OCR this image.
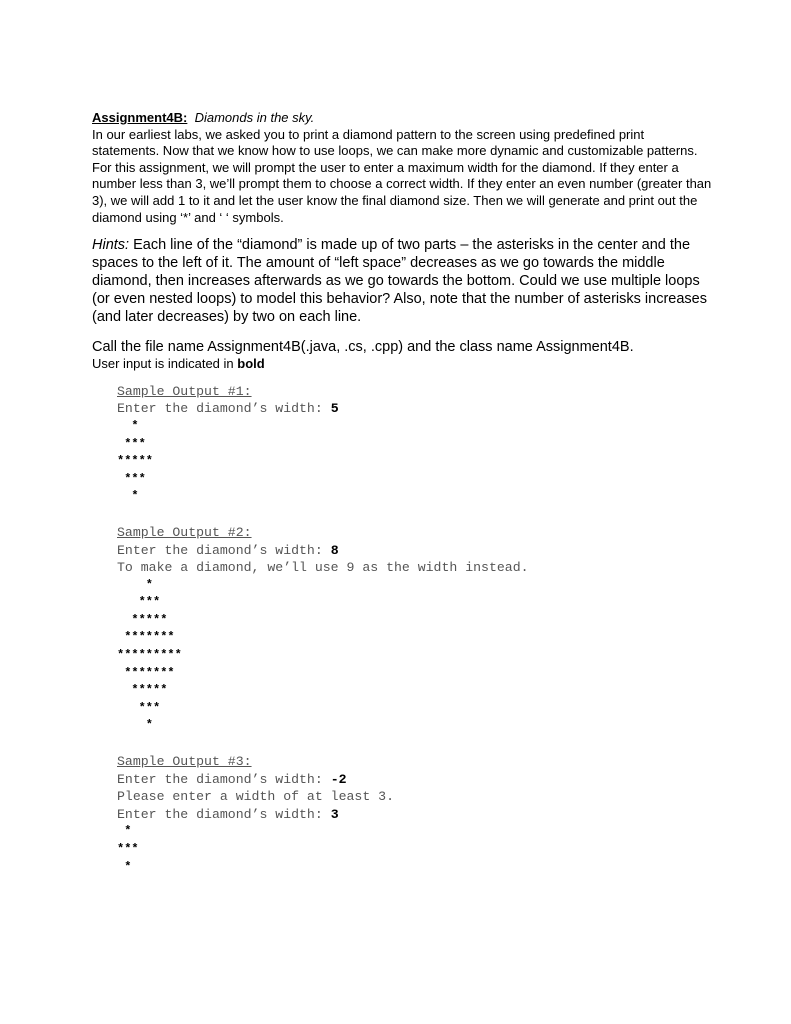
Assignment4B: Diamonds in the sky.

In our earliest labs, we asked you to print a diamond pattern to the screen using predefined print statements. Now that we know how to use loops, we can make more dynamic and customizable patterns.

For this assignment, we will prompt the user to enter a maximum width for the diamond. If they enter a number less than 3, we’ll prompt them to choose a correct width. If they enter an even number (greater than 3), we will add 1 to it and let the user know the final diamond size. Then we will generate and print out the diamond using ‘*’ and ‘ ‘ symbols.

Hints: Each line of the “diamond” is made up of two parts – the asterisks in the center and the spaces to the left of it. The amount of “left space” decreases as we go towards the middle diamond, then increases afterwards as we go towards the bottom. Could we use multiple loops (or even nested loops) to model this behavior? Also, note that the number of asterisks increases (and later decreases) by two on each line.

Call the file name Assignment4B(.java, .cs, .cpp) and the class name Assignment4B.

User input is indicated in bold

Sample Output #1:
Enter the diamond’s width: 5
*
***
*****
***
*
Sample Output #2:
Enter the diamond’s width: 8
To make a diamond, we’ll use 9 as the width instead.
*
***
*****
*******
*********
*******
*****
***
*
Sample Output #3:
Enter the diamond’s width: -2
Please enter a width of at least 3.
Enter the diamond’s width: 3
*
***
*
